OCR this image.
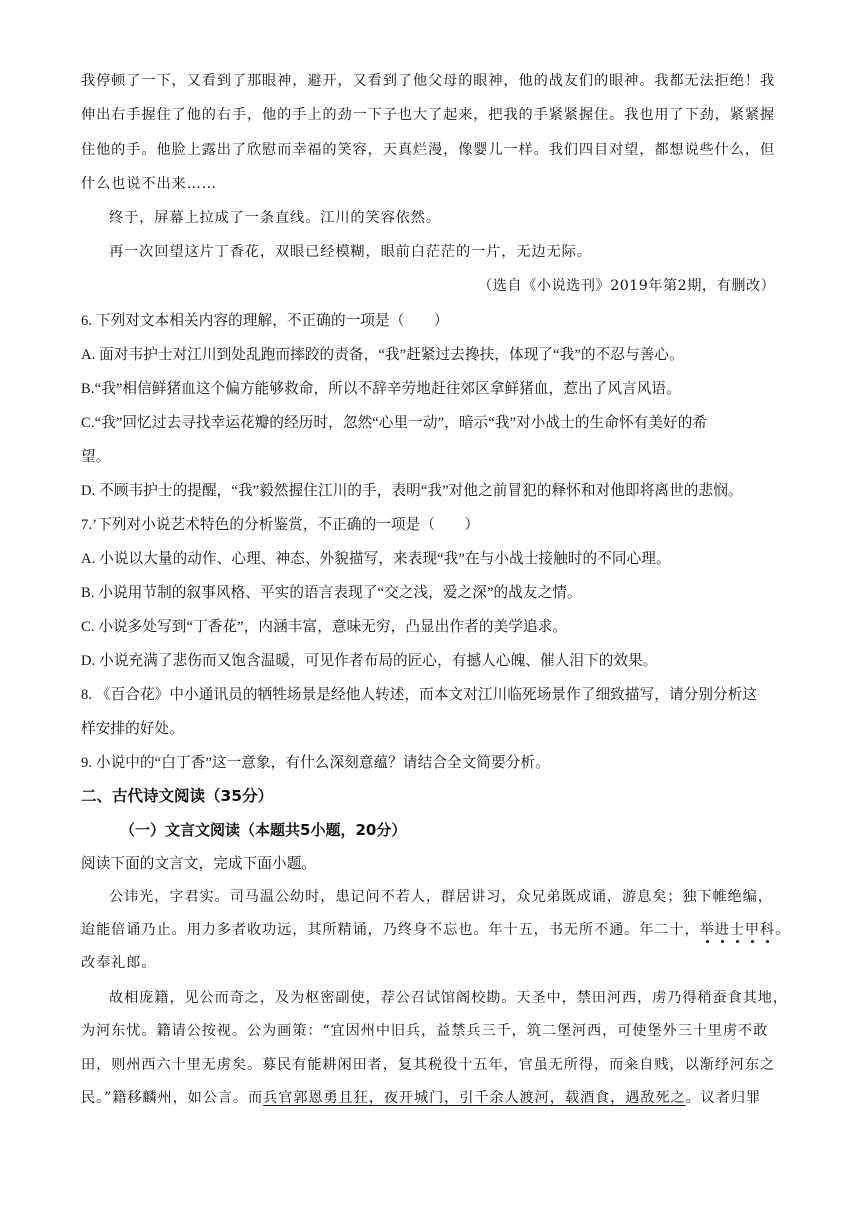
我停顿了一下，又看到了那眼神，避开，又看到了他父母的眼神，他的战友们的眼神。我都无法拒绝！我
伸出右手握住了他的右手，他的手上的劲一下子也大了起来，把我的手紧紧握住。我也用了下劲，紧紧握
住他的手。他脸上露出了欣慰而幸福的笑容，天真烂漫，像婴儿一样。我们四目对望，都想说些什么，但
什么也说不出来……
终于，屏幕上拉成了一条直线。江川的笑容依然。
再一次回望这片丁香花，双眼已经模糊，眼前白茫茫的一片，无边无际。
（选自《小说选刊》2019年第2期，有删改）
6. 下列对文本相关内容的理解，不正确的一项是（　　）
A. 面对韦护士对江川到处乱跑而摔跤的责备，“我”赶紧过去搀扶，体现了“我”的不忍与善心。
B.“我”相信鲜猪血这个偏方能够救命，所以不辞辛劳地赶往郊区拿鲜猪血，惹出了风言风语。
C.“我”回忆过去寻找幸运花瓣的经历时，忽然“心里一动”，暗示“我”对小战士的生命怀有美好的希
望。
D. 不顾韦护士的提醒，“我”毅然握住江川的手，表明“我”对他之前冒犯的释怀和对他即将离世的悲悯。
7.’下列对小说艺术特色的分析鉴赏，不正确的一项是（　　）
A. 小说以大量的动作、心理、神态、外貌描写，来表现“我”在与小战士接触时的不同心理。
B. 小说用节制的叙事风格、平实的语言表现了“交之浅，爱之深”的战友之情。
C. 小说多处写到“丁香花”，内涵丰富，意味无穷，凸显出作者的美学追求。
D. 小说充满了悲伤而又饱含温暖，可见作者布局的匠心，有撼人心魄、催人泪下的效果。
8. 《百合花》中小通讯员的牺牲场景是经他人转述，而本文对江川临死场景作了细致描写，请分别分析这
样安排的好处。
9. 小说中的“白丁香”这一意象，有什么深刻意蕴？请结合全文简要分析。
二、古代诗文阅读（35分）
（一）文言文阅读（本题共5小题，20分）
阅读下面的文言文，完成下面小题。
公讳光，字君实。司马温公幼时，患记问不若人，群居讲习，众兄弟既成诵，游息矣；独下帷绝编，
迨能倍诵乃止。用力多者收功远，其所精诵，乃终身不忘也。年十五，书无所不通。年二十，举进士甲科。
改奉礼郎。
故相庞籍，见公而奇之，及为枢密副使，荐公召试馆阁校勘。天圣中，禁田河西，虏乃得稍蚕食其地，
为河东忧。籍请公按视。公为画策：“宜因州中旧兵，益禁兵三千，筑二堡河西，可使堡外三十里虏不敢
田，则州西六十里无虏矣。募民有能耕闲田者，复其税役十五年，官虽无所得，而籴自贱，以渐纾河东之
民。”籍移麟州，如公言。而兵官郭恩勇且狂，夜开城门，引千余人渡河，载酒食，遇敌死之。议者归罪
